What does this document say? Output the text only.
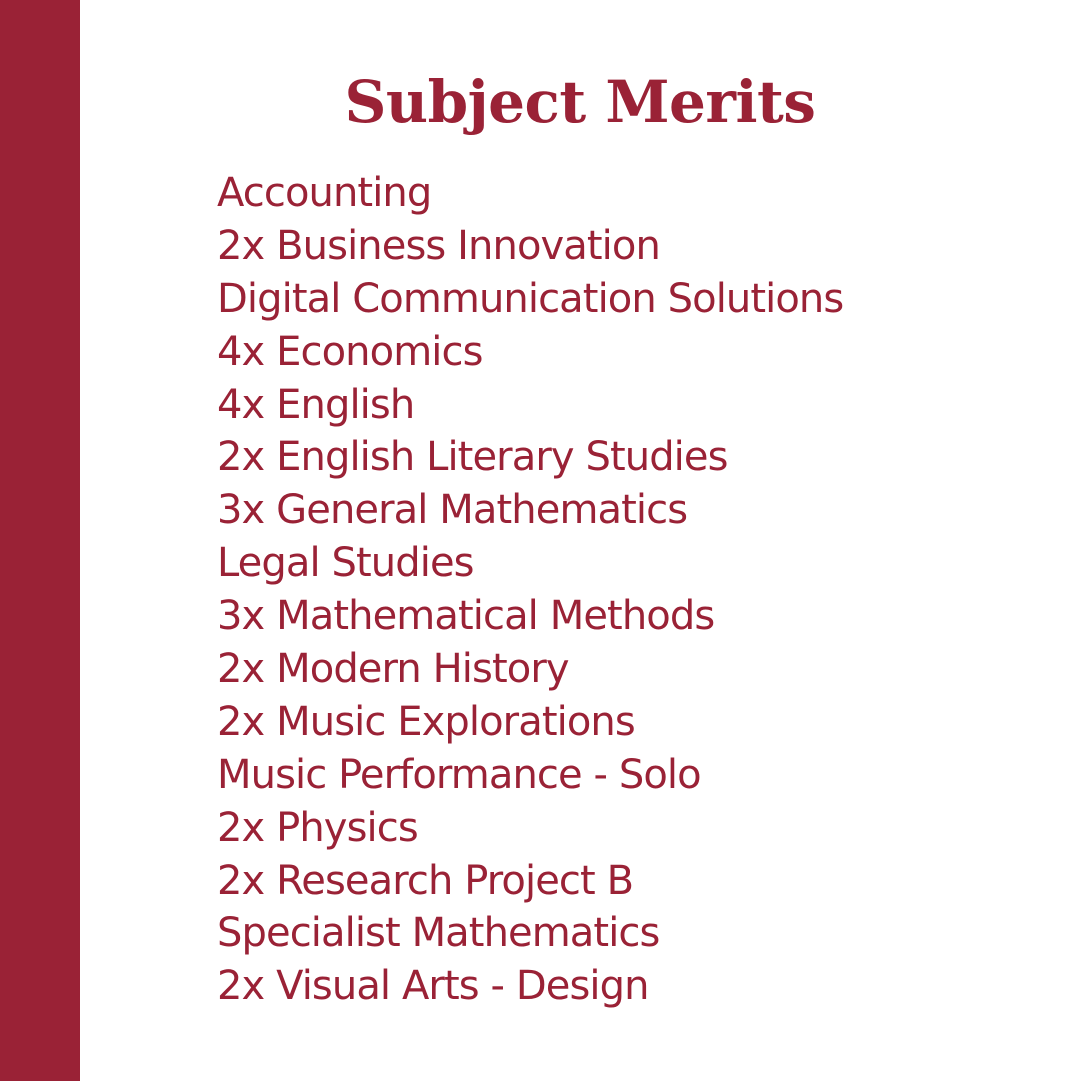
Subject Merits
Accounting
2x Business Innovation
Digital Communication Solutions
4x Economics
4x English
2x English Literary Studies
3x General Mathematics
Legal Studies
3x Mathematical Methods
2x Modern History
2x Music Explorations
Music Performance - Solo
2x Physics
2x Research Project B
Specialist Mathematics
2x Visual Arts - Design
